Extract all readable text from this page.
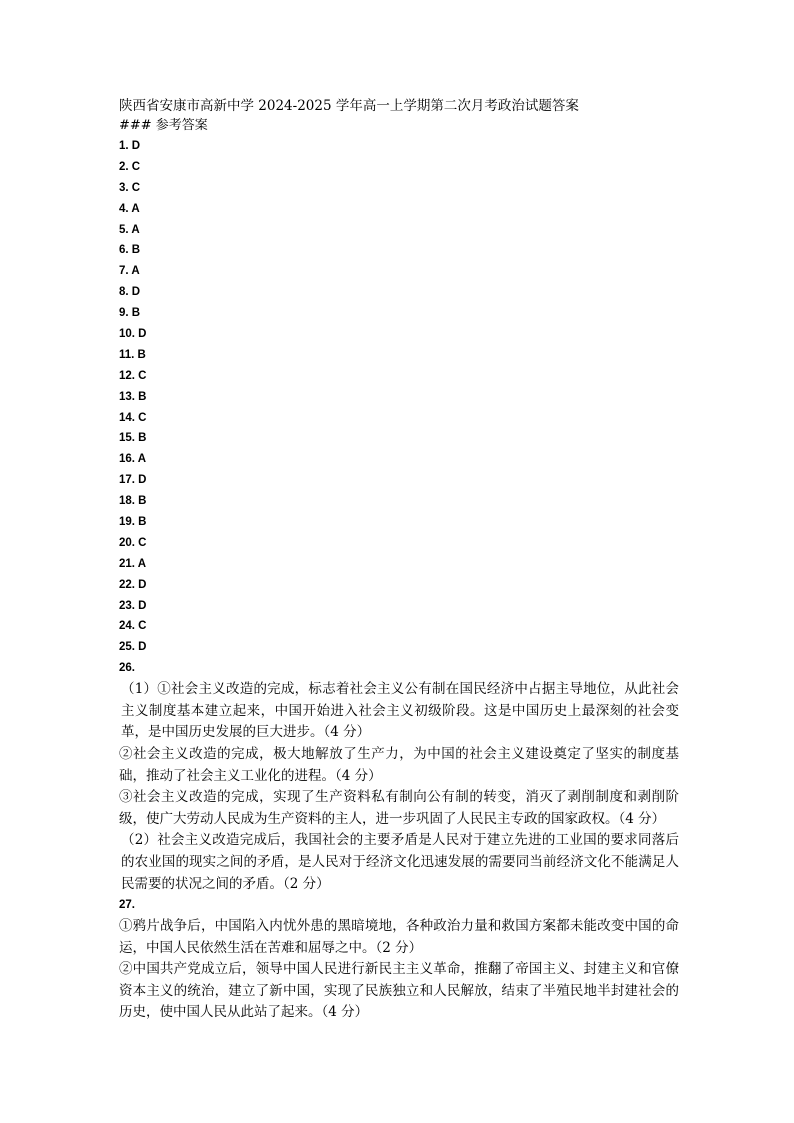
陕西省安康市高新中学 2024-2025 学年高一上学期第二次月考政治试题答案

### 参考答案

1. D
2. C
3. C
4. A
5. A
6. B
7. A
8. D
9. B
10. D
11. B
12. C
13. B
14. C
15. B
16. A
17. D
18. B
19. B
20. C
21. A
22. D
23. D
24. C
25. D

26.

（1）①社会主义改造的完成，标志着社会主义公有制在国民经济中占据主导地位，从此社会主义制度基本建立起来，中国开始进入社会主义初级阶段。这是中国历史上最深刻的社会变革，是中国历史发展的巨大进步。（4 分）

②社会主义改造的完成，极大地解放了生产力，为中国的社会主义建设奠定了坚实的制度基础，推动了社会主义工业化的进程。（4 分）

③社会主义改造的完成，实现了生产资料私有制向公有制的转变，消灭了剥削制度和剥削阶级，使广大劳动人民成为生产资料的主人，进一步巩固了人民民主专政的国家政权。（4 分）

（2）社会主义改造完成后，我国社会的主要矛盾是人民对于建立先进的工业国的要求同落后的农业国的现实之间的矛盾，是人民对于经济文化迅速发展的需要同当前经济文化不能满足人民需要的状况之间的矛盾。（2 分）

27.

①鸦片战争后，中国陷入内忧外患的黑暗境地，各种政治力量和救国方案都未能改变中国的命运，中国人民依然生活在苦难和屈辱之中。（2 分）

②中国共产党成立后，领导中国人民进行新民主主义革命，推翻了帝国主义、封建主义和官僚资本主义的统治，建立了新中国，实现了民族独立和人民解放，结束了半殖民地半封建社会的历史，使中国人民从此站了起来。（4 分）
